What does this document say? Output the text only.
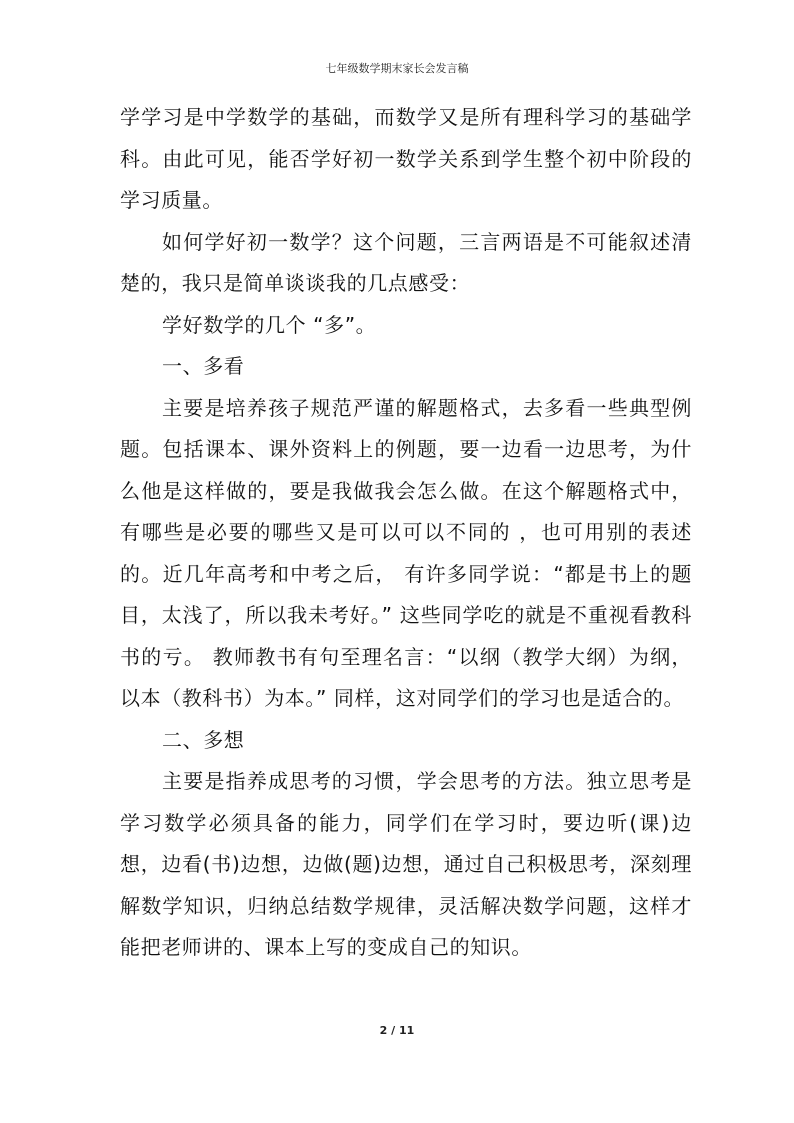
七年级数学期末家长会发言稿

学学习是中学数学的基础，而数学又是所有理科学习的基础学科。由此可见，能否学好初一数学关系到学生整个初中阶段的学习质量。

如何学好初一数学？这个问题，三言两语是不可能叙述清楚的，我只是简单谈谈我的几点感受：

学好数学的几个 “多”。

一、多看

主要是培养孩子规范严谨的解题格式，去多看一些典型例题。包括课本、课外资料上的例题，要一边看一边思考，为什么他是这样做的，要是我做我会怎么做。在这个解题格式中，有哪些是必要的哪些又是可以可以不同的 ，也可用别的表述的。近几年高考和中考之后， 有许多同学说：“都是书上的题目，太浅了，所以我未考好。” 这些同学吃的就是不重视看教科书的亏。 教师教书有句至理名言：“以纲（教学大纲）为纲，以本（教科书）为本。” 同样，这对同学们的学习也是适合的。

二、多想

主要是指养成思考的习惯，学会思考的方法。独立思考是学习数学必须具备的能力，同学们在学习时，要边听(课)边想，边看(书)边想，边做(题)边想，通过自己积极思考，深刻理解数学知识，归纳总结数学规律，灵活解决数学问题，这样才能把老师讲的、课本上写的变成自己的知识。

2 / 11
